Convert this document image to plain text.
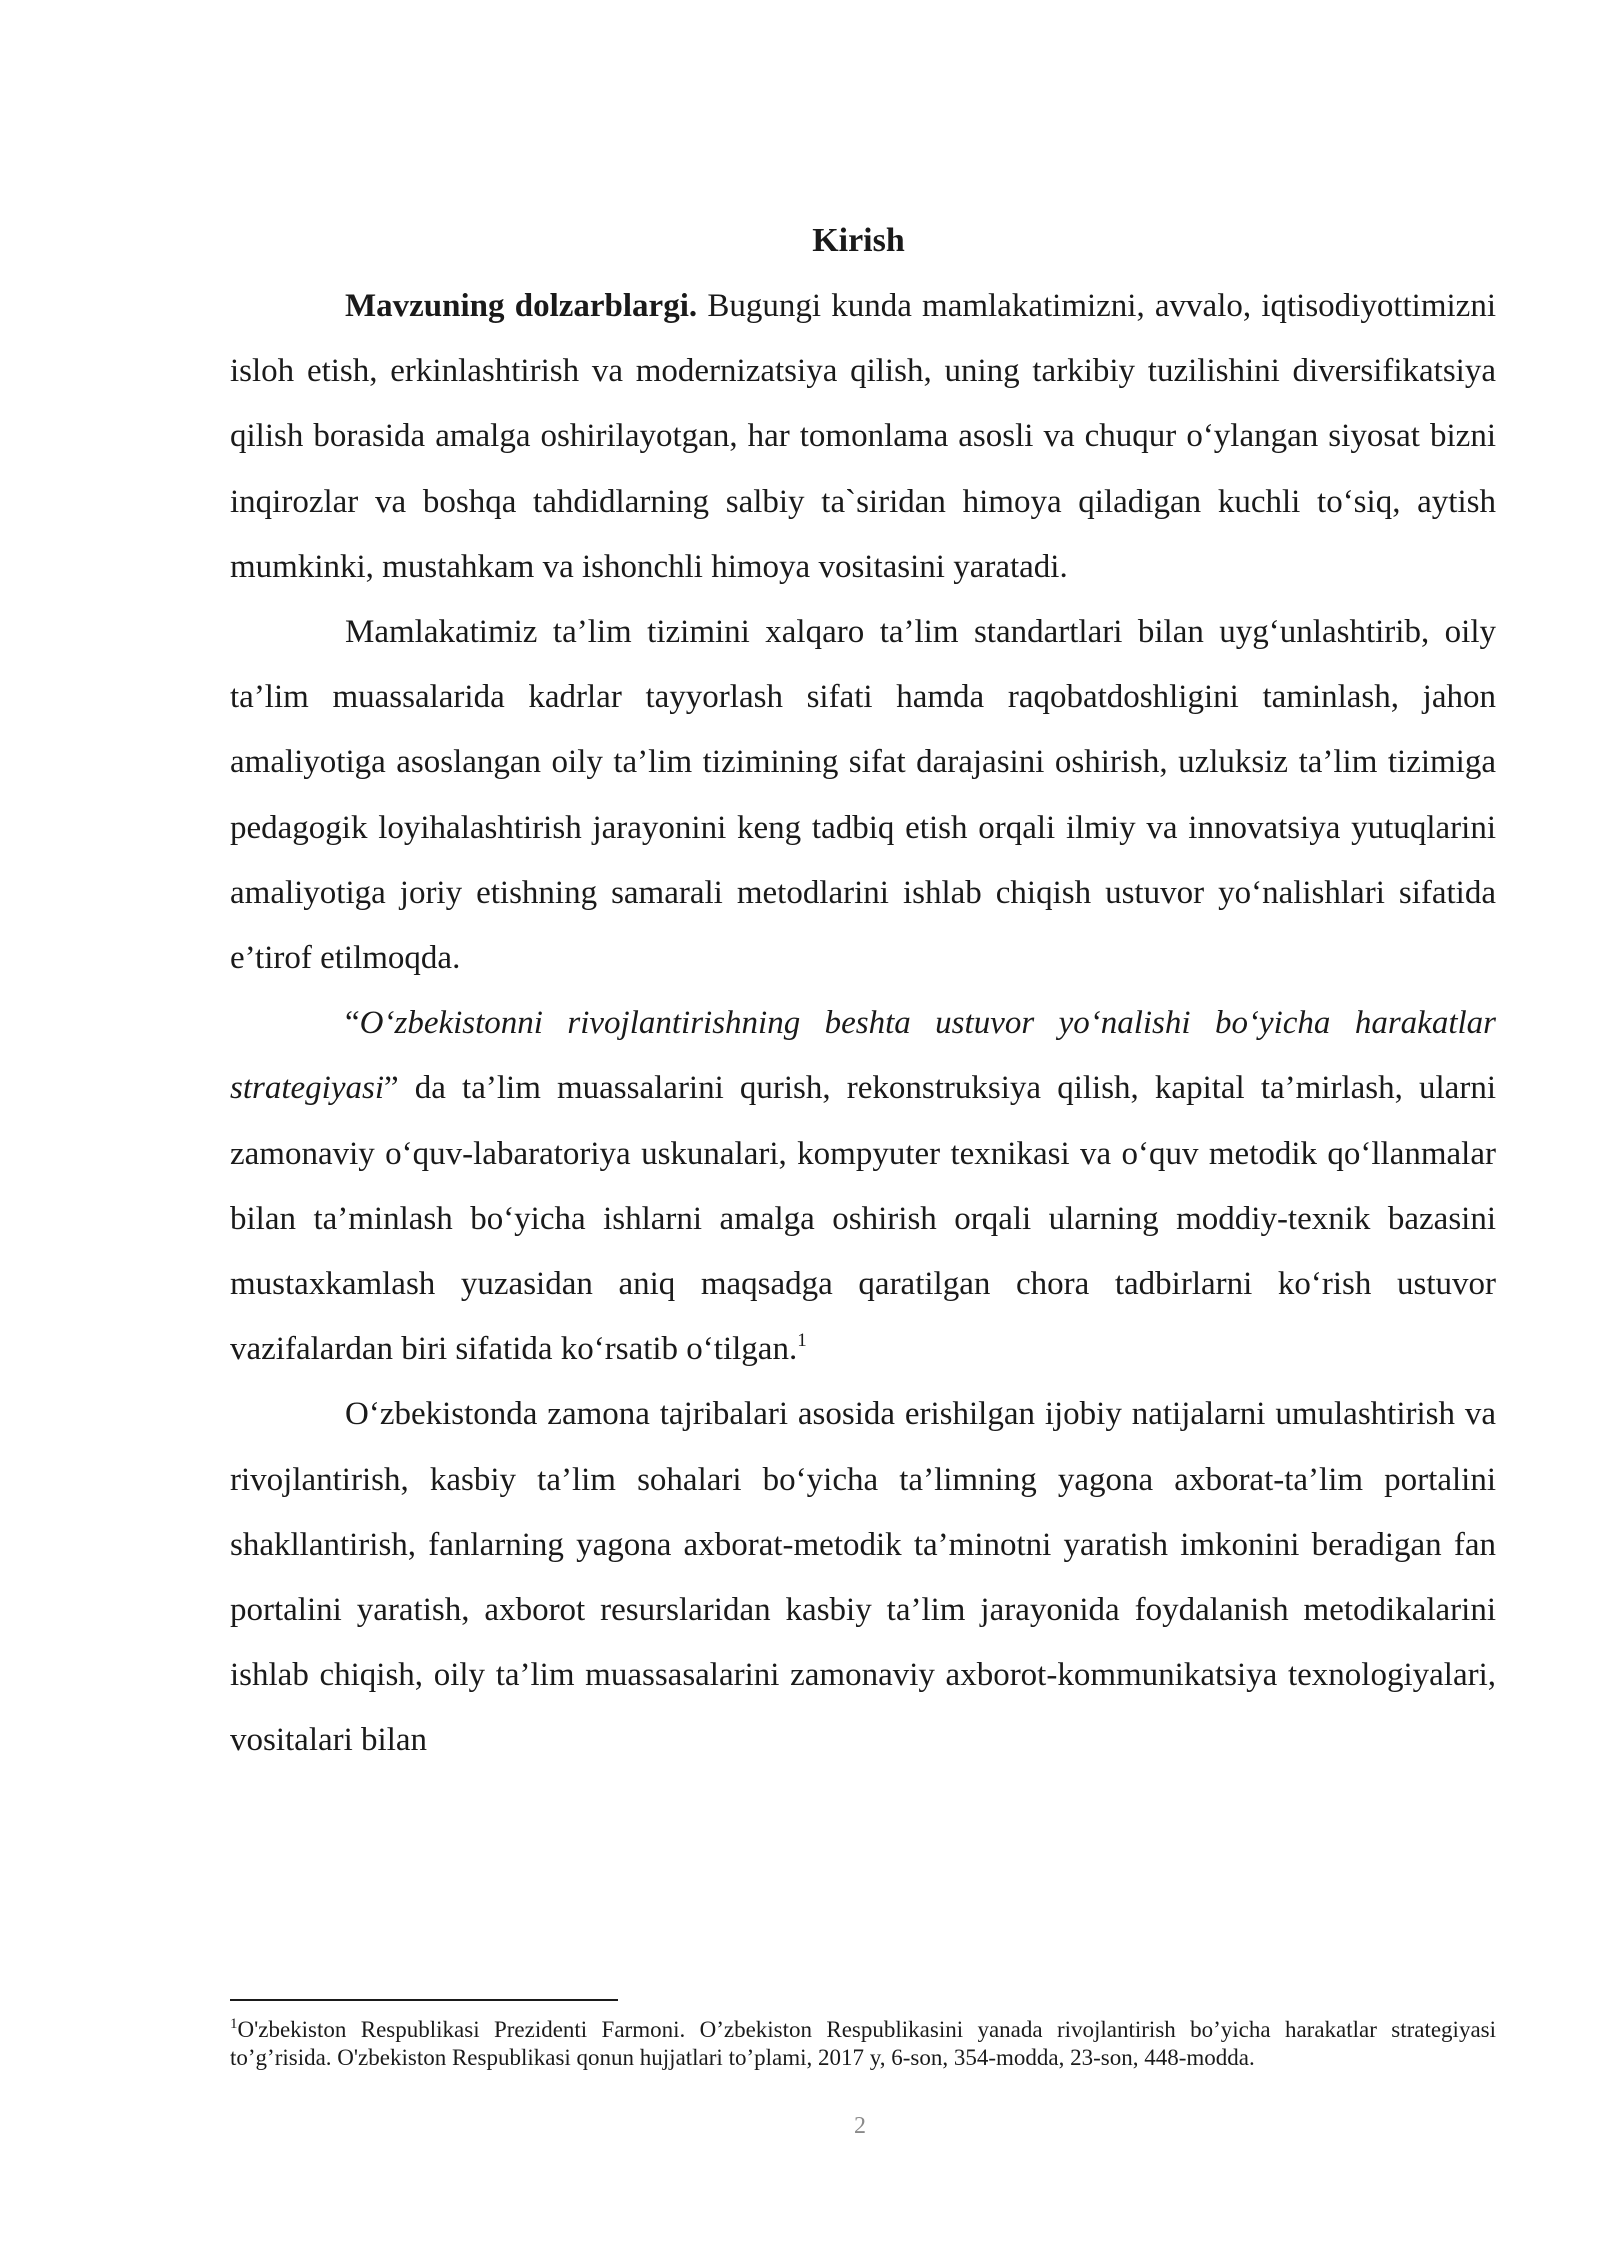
Kirish

Mavzuning dolzarblargi. Bugungi kunda mamlakatimizni, avvalo, iqtisodiyottimizni isloh etish, erkinlashtirish va modernizatsiya qilish, uning tarkibiy tuzilishini diversifikatsiya qilish borasida amalga oshirilayotgan, har tomonlama asosli va chuqur o‘ylangan siyosat bizni inqirozlar va boshqa tahdidlarning salbiy ta`siridan himoya qiladigan kuchli to‘siq, aytish mumkinki, mustahkam va ishonchli himoya vositasini yaratadi.

Mamlakatimiz ta’lim tizimini xalqaro ta’lim standartlari bilan uyg‘unlashtirib, oily ta’lim muassalarida kadrlar tayyorlash sifati hamda raqobatdoshligini taminlash, jahon amaliyotiga asoslangan oily ta’lim tizimining sifat darajasini oshirish, uzluksiz ta’lim tizimiga pedagogik loyihalashtirish jarayonini keng tadbiq etish orqali ilmiy va innovatsiya yutuqlarini amaliyotiga joriy etishning samarali metodlarini ishlab chiqish ustuvor yo‘nalishlari sifatida e’tirof etilmoqda.

“O‘zbekistonni rivojlantirishning beshta ustuvor yo‘nalishi bo‘yicha harakatlar strategiyasi” da ta’lim muassalarini qurish, rekonstruksiya qilish, kapital ta’mirlash, ularni zamonaviy o‘quv-labaratoriya uskunalari, kompyuter texnikasi va o‘quv metodik qo‘llanmalar bilan ta’minlash bo‘yicha ishlarni amalga oshirish orqali ularning moddiy-texnik bazasini mustaxkamlash yuzasidan aniq maqsadga qaratilgan chora tadbirlarni ko‘rish ustuvor vazifalardan biri sifatida ko‘rsatib o‘tilgan.$^1$

O‘zbekistonda zamona tajribalari asosida erishilgan ijobiy natijalarni umulashtirish va rivojlantirish, kasbiy ta’lim sohalari bo‘yicha ta’limning yagona axborat-ta’lim portalini shakllantirish, fanlarning yagona axborat-metodik ta’minotni yaratish imkonini beradigan fan portalini yaratish, axborot resurslaridan kasbiy ta’lim jarayonida foydalanish metodikalarini ishlab chiqish, oily ta’lim muassasalarini zamonaviy axborot-kommunikatsiya texnologiyalari, vositalari bilan

$^1$O'zbekiston Respublikasi Prezidenti Farmoni. O’zbekiston Respublikasini yanada rivojlantirish bo’yicha harakatlar strategiyasi to’g’risida. O'zbekiston Respublikasi qonun hujjatlari to’plami, 2017 y, 6-son, 354-modda, 23-son, 448-modda.
2
